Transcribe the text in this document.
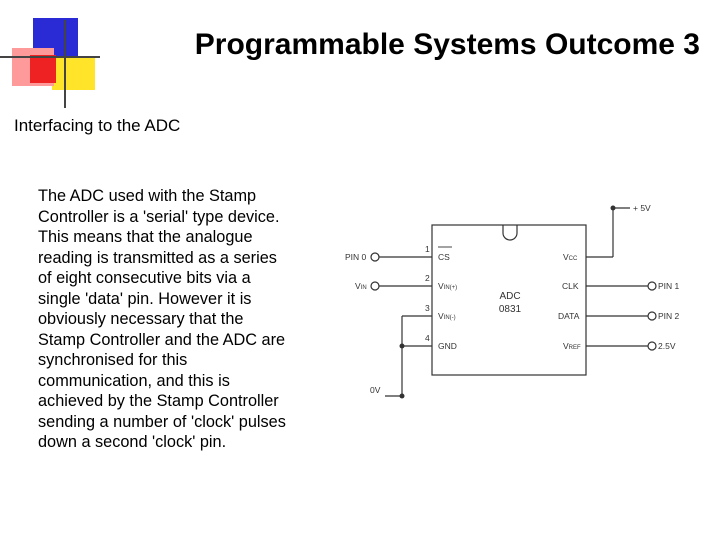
Programmable Systems Outcome 3
Interfacing to the ADC
The ADC used with the Stamp
Controller is a 'serial' type device.
This means that the analogue
reading is transmitted as a series
of eight consecutive bits via a
single 'data' pin. However it is
obviously necessary that the
Stamp Controller and the ADC are
synchronised for this
communication, and this is
achieved by the Stamp Controller
sending a number of 'clock' pulses
down a second 'clock' pin.
+ 5V
0V
PIN 0
VIN
1
2
3
4
CS
VIN(+)
VIN(-)
GND
VCC
CLK
DATA
VREF
PIN 1
PIN 2
2.5V
ADC
0831
